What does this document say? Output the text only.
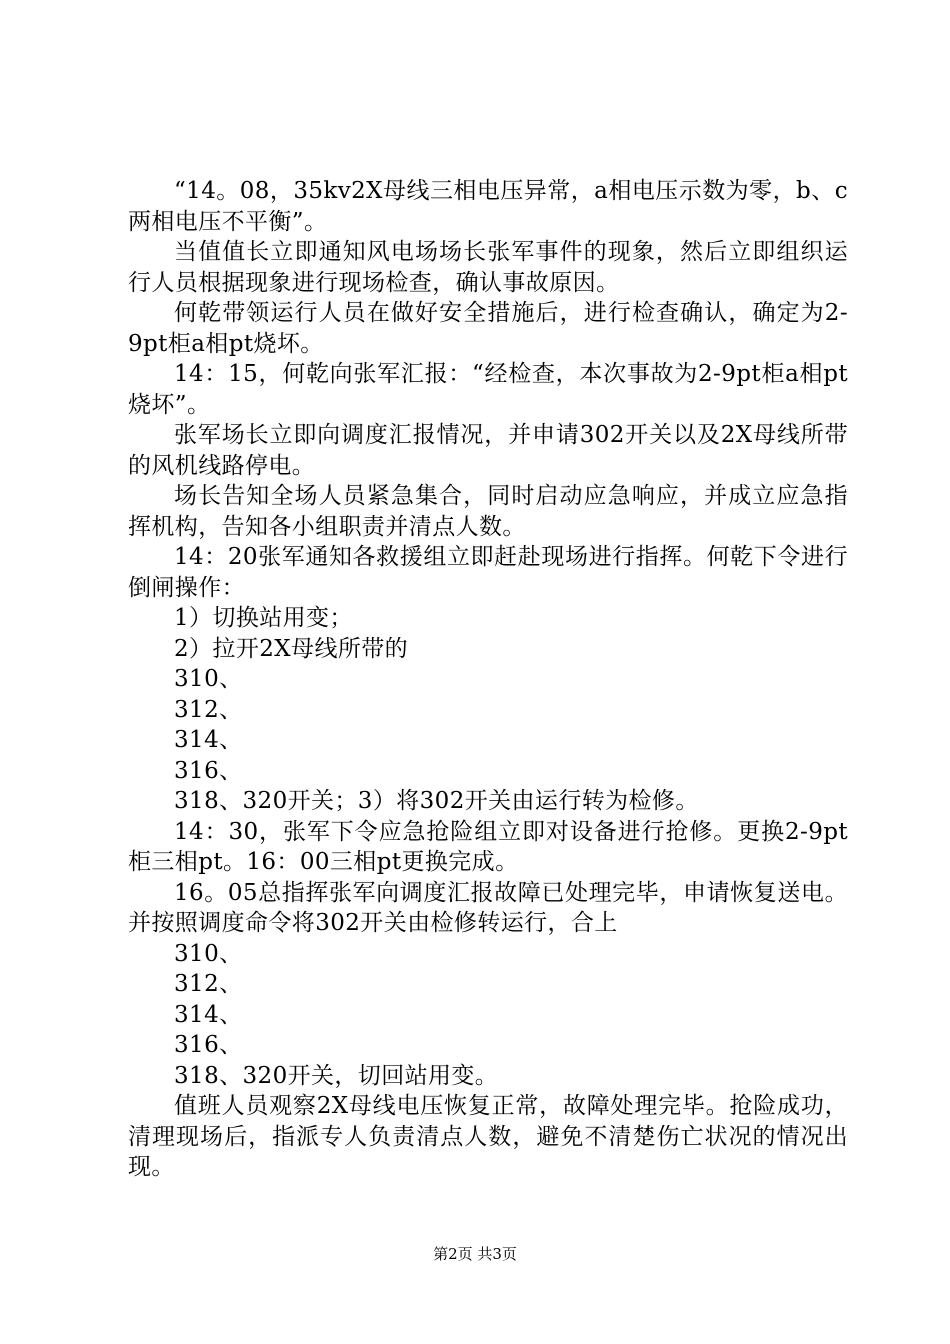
“14。08，35kv2X母线三相电压异常，a相电压示数为零，b、c两相电压不平衡”。

当值值长立即通知风电场场长张军事件的现象，然后立即组织运行人员根据现象进行现场检查，确认事故原因。

何乾带领运行人员在做好安全措施后，进行检查确认，确定为2-9pt柜a相pt烧坏。

14：15，何乾向张军汇报：“经检查，本次事故为2-9pt柜a相pt烧坏”。

张军场长立即向调度汇报情况，并申请302开关以及2X母线所带的风机线路停电。

场长告知全场人员紧急集合，同时启动应急响应，并成立应急指挥机构，告知各小组职责并清点人数。

14：20张军通知各救援组立即赶赴现场进行指挥。何乾下令进行倒闸操作：

1）切换站用变；

2）拉开2X母线所带的

310、

312、

314、

316、

318、320开关；3）将302开关由运行转为检修。

14：30，张军下令应急抢险组立即对设备进行抢修。更换2-9pt柜三相pt。16：00三相pt更换完成。

16。05总指挥张军向调度汇报故障已处理完毕，申请恢复送电。并按照调度命令将302开关由检修转运行，合上

310、

312、

314、

316、

318、320开关，切回站用变。

值班人员观察2X母线电压恢复正常，故障处理完毕。抢险成功，清理现场后，指派专人负责清点人数，避免不清楚伤亡状况的情况出现。

第2页 共3页
